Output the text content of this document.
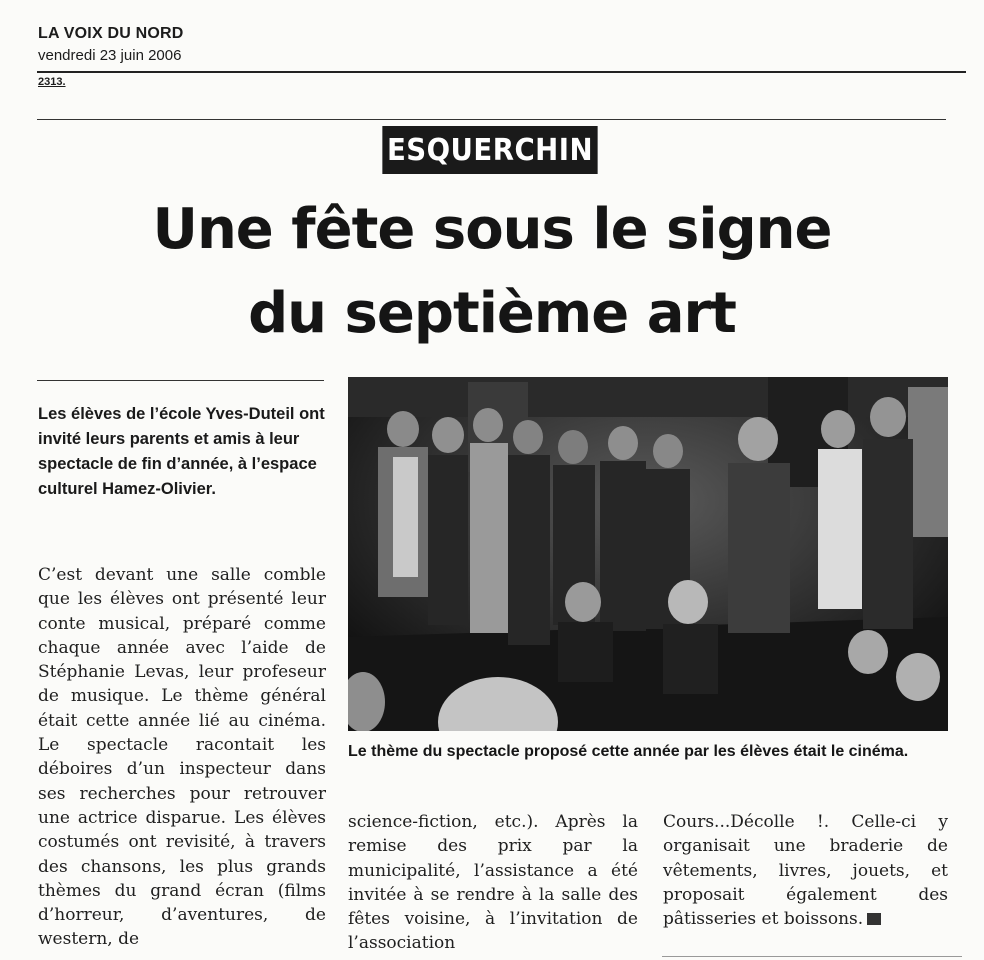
LA VOIX DU NORD
vendredi 23 juin 2006
2313.
ESQUERCHIN
Une fête sous le signe
du septième art
Les élèves de l’école Yves-Duteil ont invité leurs parents et amis à leur spectacle de fin d’année, à l’espace culturel Hamez-Olivier.
C’est devant une salle comble que les élèves ont présenté leur conte musical, préparé comme chaque année avec l’aide de Stéphanie Levas, leur profeseur de musique. Le thème général était cette année lié au cinéma. Le spectacle racontait les déboires d’un inspecteur dans ses recherches pour retrouver une actrice disparue. Les élèves costumés ont revisité, à travers des chansons, les plus grands thèmes du grand écran (films d’horreur, d’aventures, de western, de
Le thème du spectacle proposé cette année par les élèves était le cinéma.
science-fiction, etc.). Après la remise des prix par la municipalité, l’assistance a été invitée à se rendre à la salle des fêtes voisine, à l’invitation de l’association
Cours...Décolle !. Celle-ci y organisait une braderie de vêtements, livres, jouets, et proposait également des pâtisseries et boissons.
